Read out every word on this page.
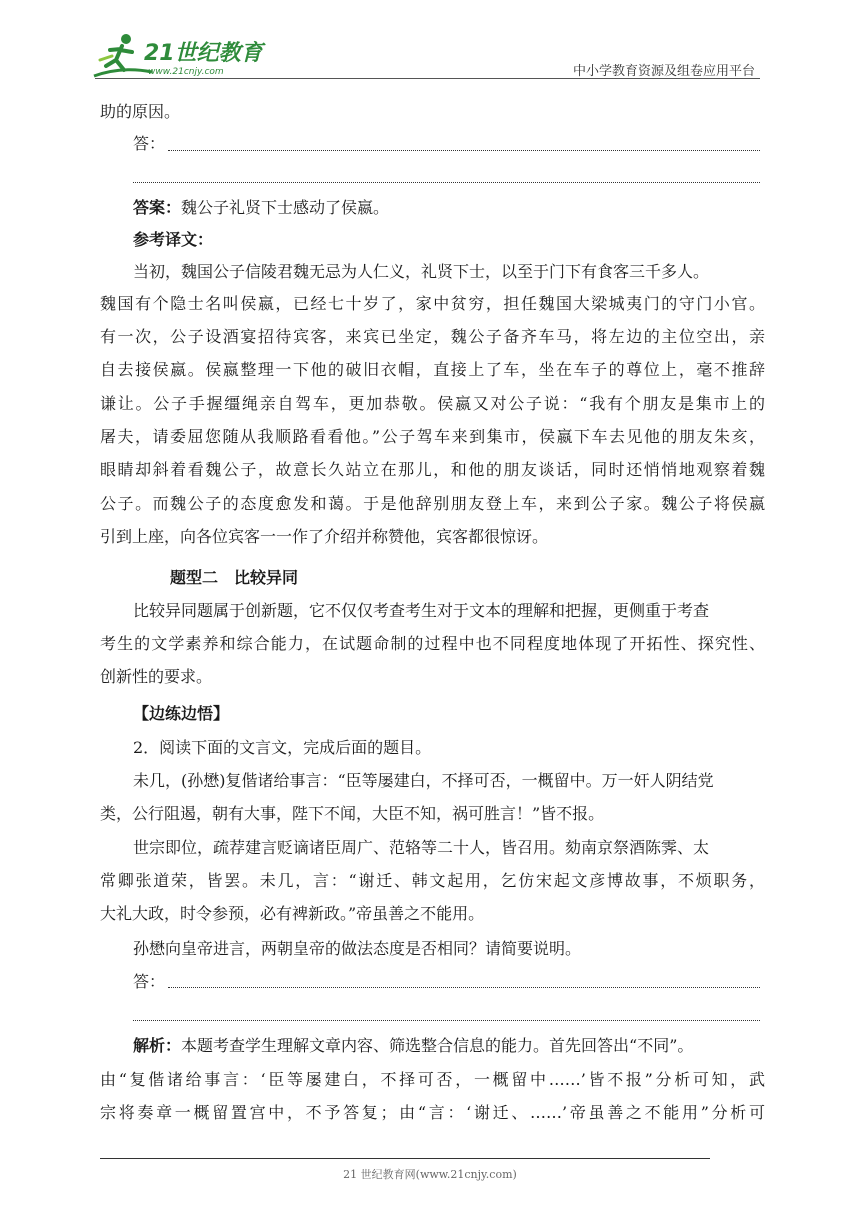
21世纪教育
www.21cnjy.com	中小学教育资源及组卷应用平台
助的原因。
答：
答案：魏公子礼贤下士感动了侯嬴。
参考译文：
当初，魏国公子信陵君魏无忌为人仁义，礼贤下士，以至于门下有食客三千多人。
魏国有个隐士名叫侯嬴，已经七十岁了，家中贫穷，担任魏国大梁城夷门的守门小官。
有一次，公子设酒宴招待宾客，来宾已坐定，魏公子备齐车马，将左边的主位空出，亲
自去接侯嬴。侯嬴整理一下他的破旧衣帽，直接上了车，坐在车子的尊位上，毫不推辞
谦让。公子手握缰绳亲自驾车，更加恭敬。侯嬴又对公子说：“我有个朋友是集市上的
屠夫，请委屈您随从我顺路看看他。”公子驾车来到集市，侯嬴下车去见他的朋友朱亥，
眼睛却斜着看魏公子，故意长久站立在那儿，和他的朋友谈话，同时还悄悄地观察着魏
公子。而魏公子的态度愈发和蔼。于是他辞别朋友登上车，来到公子家。魏公子将侯嬴
引到上座，向各位宾客一一作了介绍并称赞他，宾客都很惊讶。
题型二　比较异同
比较异同题属于创新题，它不仅仅考查考生对于文本的理解和把握，更侧重于考查
考生的文学素养和综合能力，在试题命制的过程中也不同程度地体现了开拓性、探究性、
创新性的要求。
【边练边悟】
2．阅读下面的文言文，完成后面的题目。
未几，(孙懋)复偕诸给事言：“臣等屡建白，不择可否，一概留中。万一奸人阴结党
类，公行阻遏，朝有大事，陛下不闻，大臣不知，祸可胜言！”皆不报。
世宗即位，疏荐建言贬谪诸臣周广、范辂等二十人，皆召用。劾南京祭酒陈霁、太
常卿张道荣，皆罢。未几，言：“谢迁、韩文起用，乞仿宋起文彦博故事，不烦职务，
大礼大政，时令参预，必有裨新政。”帝虽善之不能用。
孙懋向皇帝进言，两朝皇帝的做法态度是否相同？请简要说明。
答：
解析：本题考查学生理解文章内容、筛选整合信息的能力。首先回答出“不同”。
由“复偕诸给事言：‘臣等屡建白，不择可否，一概留中……’皆不报”分析可知，武
宗将奏章一概留置宫中，不予答复；由“言：‘谢迁、……’帝虽善之不能用”分析可
21 世纪教育网(www.21cnjy.com)
